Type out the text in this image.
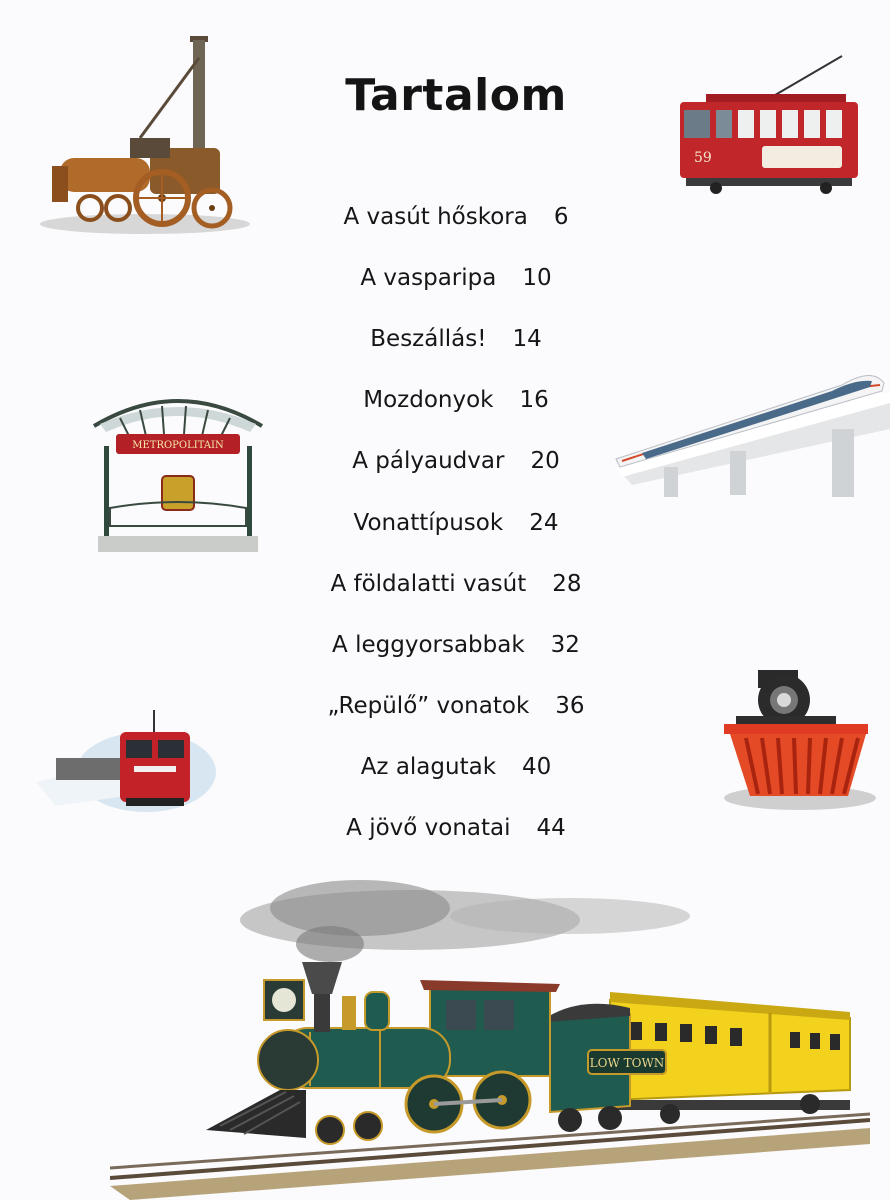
59
METROPOLITAIN
LOW TOWN
Tartalom
A vasút hőskora 6
A vasparipa 10
Beszállás! 14
Mozdonyok 16
A pályaudvar 20
Vonattípusok 24
A földalatti vasút 28
A leggyorsabbak 32
„Repülő” vonatok 36
Az alagutak 40
A jövő vonatai 44
